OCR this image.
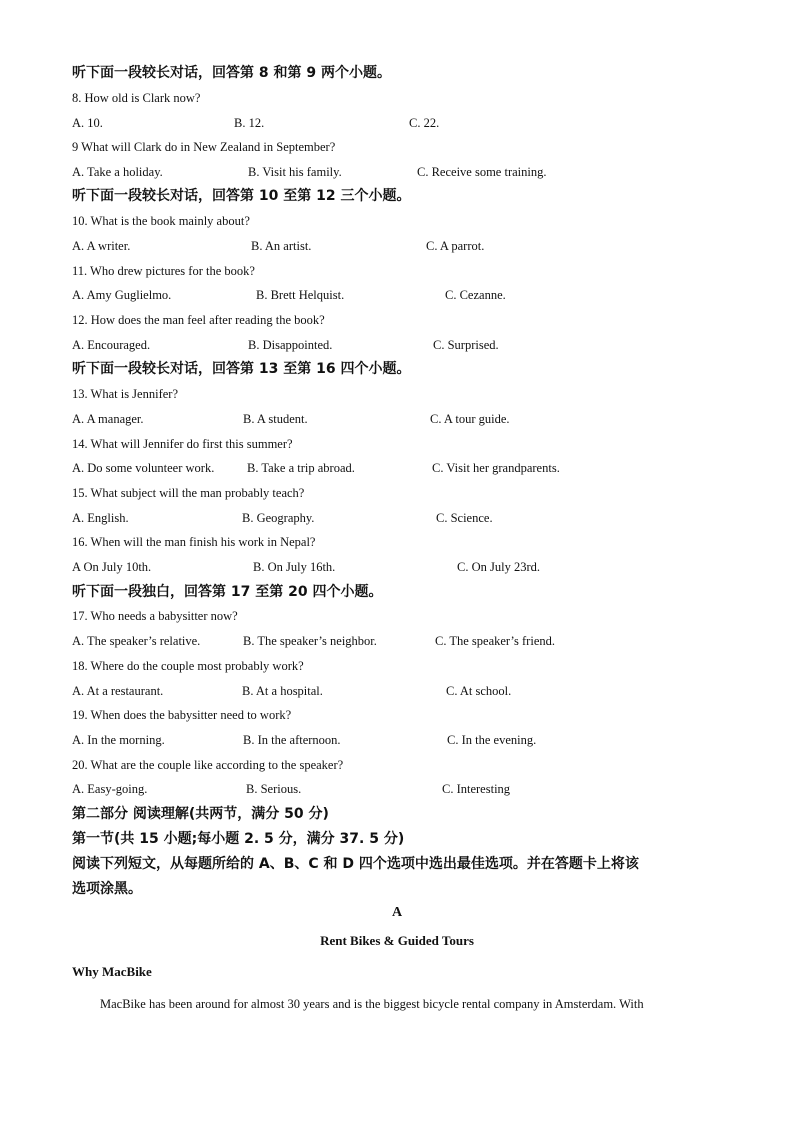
听下面一段较长对话，回答第 8 和第 9 两个小题。
8. How old is Clark now?
A. 10.	B. 12.	C. 22.
9 What will Clark do in New Zealand in September?
A. Take a holiday.	B. Visit his family.	C. Receive some training.
听下面一段较长对话，回答第 10 至第 12 三个小题。
10. What is the book mainly about?
A. A writer.	B. An artist.	C. A parrot.
11. Who drew pictures for the book?
A. Amy Guglielmo.	B. Brett Helquist.	C. Cezanne.
12. How does the man feel after reading the book?
A. Encouraged.	B. Disappointed.	C. Surprised.
听下面一段较长对话，回答第 13 至第 16 四个小题。
13. What is Jennifer?
A. A manager.	B. A student.	C. A tour guide.
14. What will Jennifer do first this summer?
A. Do some volunteer work.	B. Take a trip abroad.	C. Visit her grandparents.
15. What subject will the man probably teach?
A. English.	B. Geography.	C. Science.
16. When will the man finish his work in Nepal?
A On July 10th.	B. On July 16th.	C. On July 23rd.
听下面一段独白，回答第 17 至第 20 四个小题。
17. Who needs a babysitter now?
A. The speaker’s relative.	B. The speaker’s neighbor.	C. The speaker’s friend.
18. Where do the couple most probably work?
A. At a restaurant.	B. At a hospital.	C. At school.
19. When does the babysitter need to work?
A. In the morning.	B. In the afternoon.	C. In the evening.
20. What are the couple like according to the speaker?
A. Easy-going.	B. Serious.	C. Interesting
第二部分 阅读理解(共两节，满分 50 分)
第一节(共 15 小题;每小题 2. 5 分，满分 37. 5 分)
阅读下列短文，从每题所给的 A、B、C 和 D 四个选项中选出最佳选项。并在答题卡上将该
选项涂黑。
A
Rent Bikes & Guided Tours
Why MacBike
MacBike has been around for almost 30 years and is the biggest bicycle rental company in Amsterdam. With
